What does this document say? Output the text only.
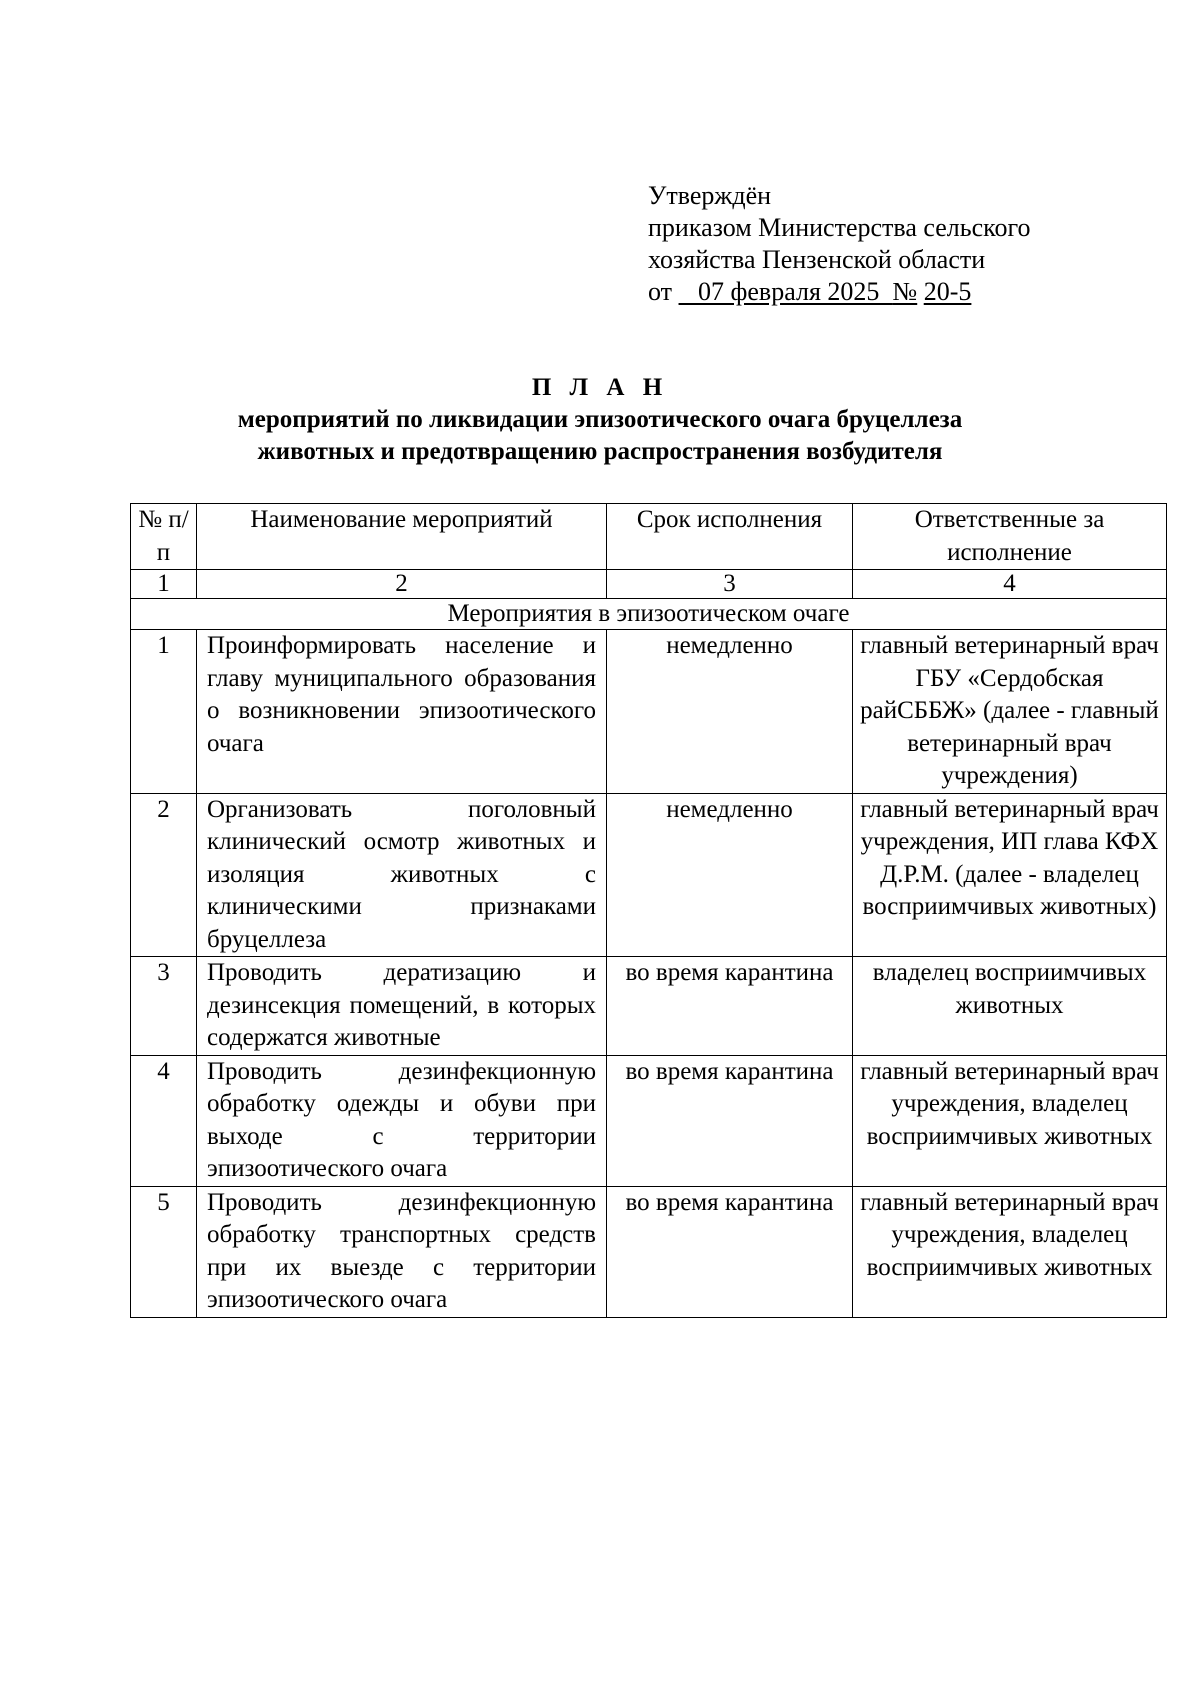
Утверждён
приказом Министерства сельского
хозяйства Пензенской области
от    07 февраля 2025  № 20-5
П Л А Н
мероприятий по ликвидации эпизоотического очага бруцеллеза
животных и предотвращению распространения возбудителя
№ п/п	Наименование мероприятий	Срок исполнения	Ответственные за исполнение
1	2	3	4
Мероприятия в эпизоотическом очаге			
1	Проинформировать население и главу муниципального образования о возникновении эпизоотического очага	немедленно	главный ветеринарный врач ГБУ «Сердобская райСББЖ» (далее - главный ветеринарный врач учреждения)
2	Организовать поголовный клинический осмотр животных и изоляция животных с клиническими признаками бруцеллеза	немедленно	главный ветеринарный врач учреждения, ИП глава КФХ Д.Р.М. (далее - владелец восприимчивых животных)
3	Проводить дератизацию и дезинсекция помещений, в которых содержатся животные	во время карантина	владелец восприимчивых животных
4	Проводить дезинфекционную обработку одежды и обуви при выходе с территории эпизоотического очага	во время карантина	главный ветеринарный врач учреждения, владелец восприимчивых животных
5	Проводить дезинфекционную обработку транспортных средств при их выезде с территории эпизоотического очага	во время карантина	главный ветеринарный врач учреждения, владелец восприимчивых животных
